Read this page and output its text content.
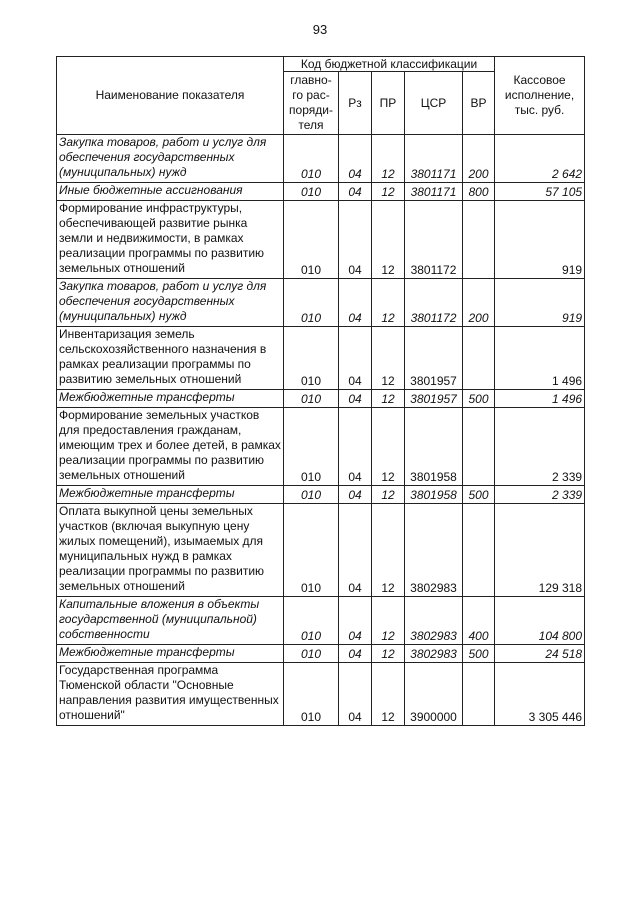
93
Наименование показателя	Код бюджетной классификации					Кассовое исполнение, тыс. руб.
	главно-го рас-поряди-теля	Рз	ПР	ЦСР	ВР	
Закупка товаров, работ и услуг для обеспечения государственных (муниципальных) нужд	010	04	12	3801171	200	2 642
Иные бюджетные ассигнования	010	04	12	3801171	800	57 105
Формирование инфраструктуры, обеспечивающей развитие рынка земли и недвижимости, в рамках реализации программы по развитию земельных отношений	010	04	12	3801172		919
Закупка товаров, работ и услуг для обеспечения государственных (муниципальных) нужд	010	04	12	3801172	200	919
Инвентаризация земель сельскохозяйственного назначения в рамках реализации программы по развитию земельных отношений	010	04	12	3801957		1 496
Межбюджетные трансферты	010	04	12	3801957	500	1 496
Формирование земельных участков для предоставления гражданам, имеющим трех и более детей, в рамках реализации программы по развитию земельных отношений	010	04	12	3801958		2 339
Межбюджетные трансферты	010	04	12	3801958	500	2 339
Оплата выкупной цены земельных участков (включая выкупную цену жилых помещений), изымаемых для муниципальных нужд в рамках реализации программы по развитию земельных отношений	010	04	12	3802983		129 318
Капитальные вложения в объекты государственной (муниципальной) собственности	010	04	12	3802983	400	104 800
Межбюджетные трансферты	010	04	12	3802983	500	24 518
Государственная программа Тюменской области "Основные направления развития имущественных отношений"	010	04	12	3900000		3 305 446
